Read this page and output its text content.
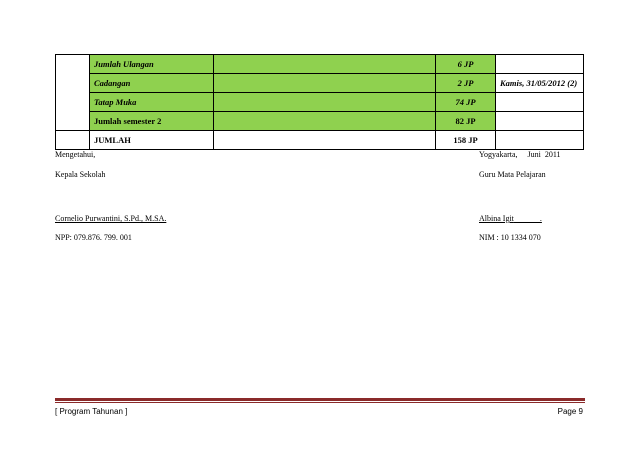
	Jumlah Ulangan		6 JP	
	Cadangan		2 JP	Kamis, 31/05/2012 (2)
	Tatap Muka		74 JP	
	Jumlah semester 2		82 JP	
	JUMLAH		158 JP	
Mengetahui,
Kepala Sekolah
Cornelio Purwantini, S.Pd., M.SA.
NPP: 079.876. 799. 001
Yogyakarta,     Juni  2011
Guru Mata Pelajaran
Albina Igit             .
NIM : 10 1334 070
[ Program Tahunan ]	Page 9
